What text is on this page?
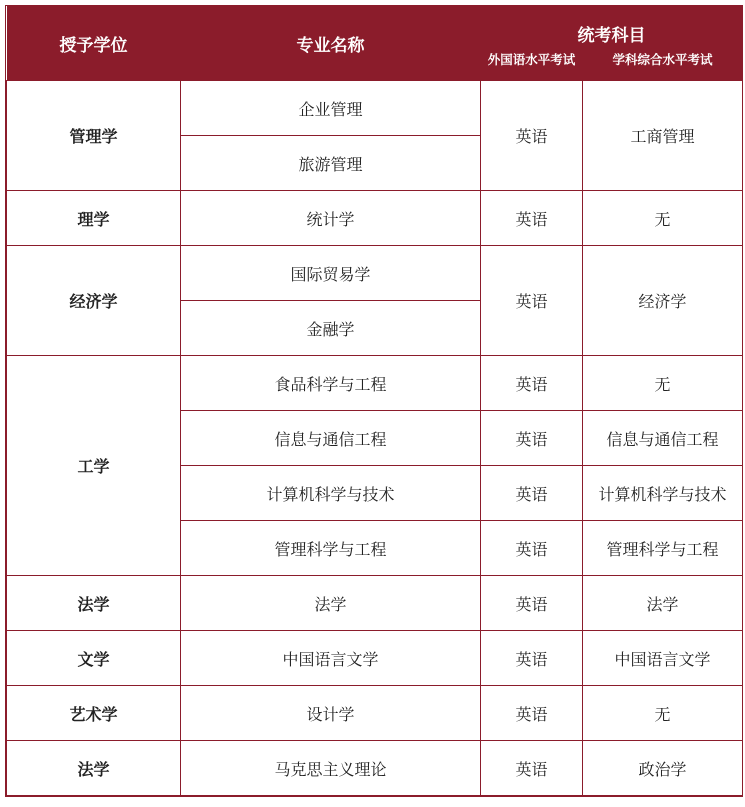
授予学位	专业名称	统考科目	
		外国语水平考试	学科综合水平考试
管理学	企业管理	英语	工商管理
	旅游管理		
理学	统计学	英语	无
经济学	国际贸易学	英语	经济学
	金融学		
工学	食品科学与工程	英语	无
	信息与通信工程	英语	信息与通信工程
	计算机科学与技术	英语	计算机科学与技术
	管理科学与工程	英语	管理科学与工程
法学	法学	英语	法学
文学	中国语言文学	英语	中国语言文学
艺术学	设计学	英语	无
法学	马克思主义理论	英语	政治学
